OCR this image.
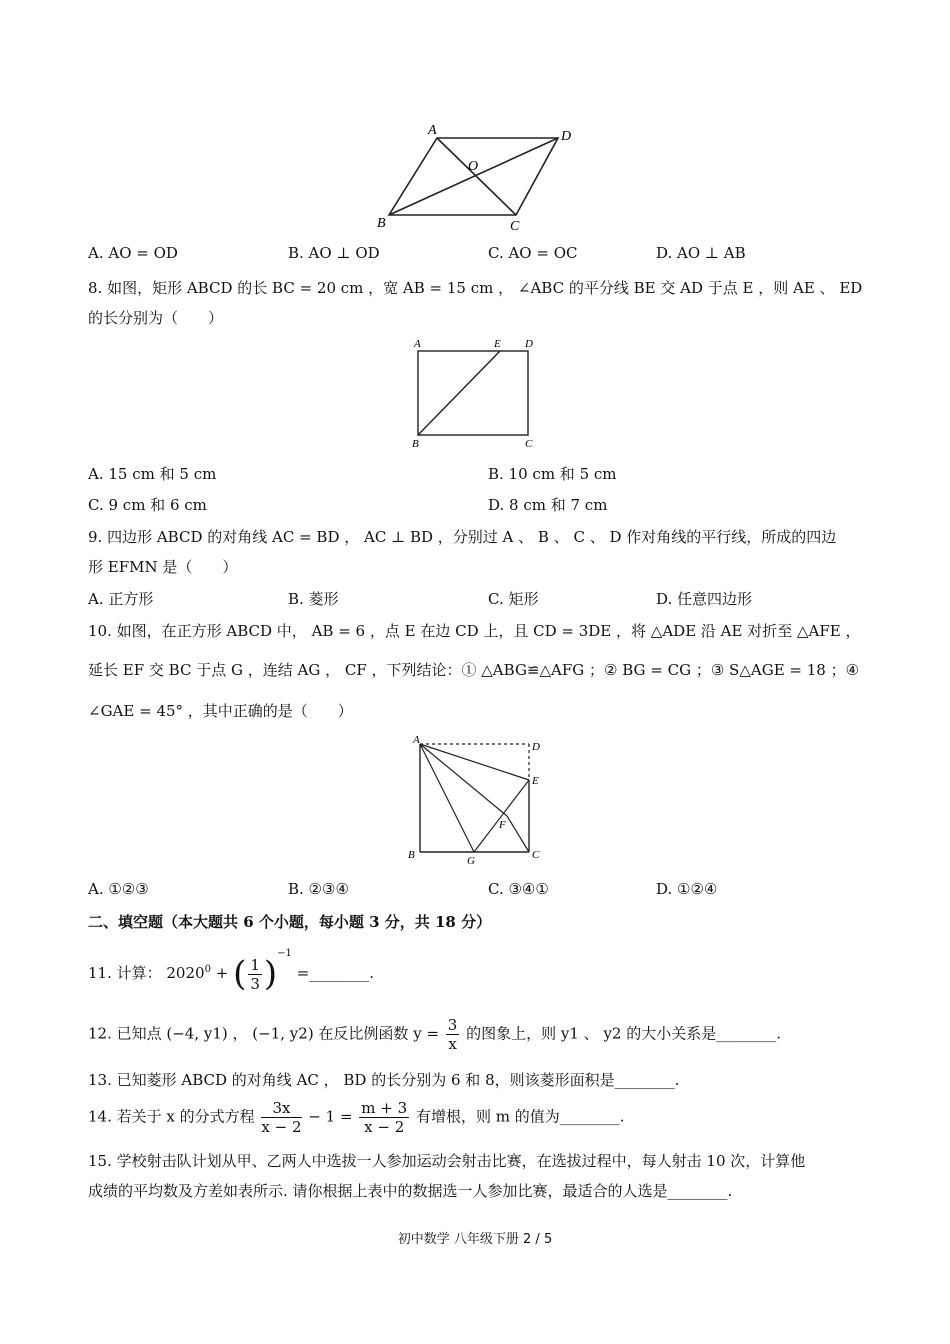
A	D
O
B	C
A. AO = OD	B. AO ⊥ OD	C. AO = OC	D. AO ⊥ AB
8. 如图，矩形 ABCD 的长 BC = 20 cm ，宽 AB = 15 cm ， ∠ABC 的平分线 BE 交 AD 于点 E ，则 AE 、 ED
的长分别为（　　）
A	E D
B	C
A. 15 cm 和 5 cm	B. 10 cm 和 5 cm
C. 9 cm 和 6 cm	D. 8 cm 和 7 cm
9. 四边形 ABCD 的对角线 AC = BD ， AC ⊥ BD ，分别过 A 、 B 、 C 、 D 作对角线的平行线，所成的四边
形 EFMN 是（　　）
A. 正方形	B. 菱形	C. 矩形	D. 任意四边形
10. 如图，在正方形 ABCD 中， AB = 6 ，点 E 在边 CD 上，且 CD = 3DE ，将 △ADE 沿 AE 对折至 △AFE ，
延长 EF 交 BC 于点 G ，连结 AG ， CF ，下列结论：① △ABG≌△AFG ；② BG = CG ；③ S△AGE = 18 ；④
∠GAE = 45° ，其中正确的是（　　）
A
D
E
F
B	G	C
A. ①②③	B. ②③④	C. ③④①	D. ①②④
二、填空题（本大题共 6 个小题，每小题 3 分，共 18 分）
11. 计算： $2020^0$ + ( $\frac{1}{3} )^{-1}$ =________.
12. 已知点 (−4, y1) ， (−1, y2) 在反比例函数 $y = \frac{3}{x}$ 的图象上，则 y1 、 y2 的大小关系是________.
13. 已知菱形 ABCD 的对角线 AC ， BD 的长分别为 6 和 8，则该菱形面积是________.
14. 若关于 x 的分式方程 $\frac{3x}{x - 2} - 1 = \frac{m + 3}{x - 2}$ 有增根，则 m 的值为________.
15. 学校射击队计划从甲、乙两人中选拔一人参加运动会射击比赛，在选拔过程中，每人射击 10 次，计算他
成绩的平均数及方差如表所示. 请你根据上表中的数据选一人参加比赛，最适合的人选是________.
初中数学 八年级下册 2 / 5
